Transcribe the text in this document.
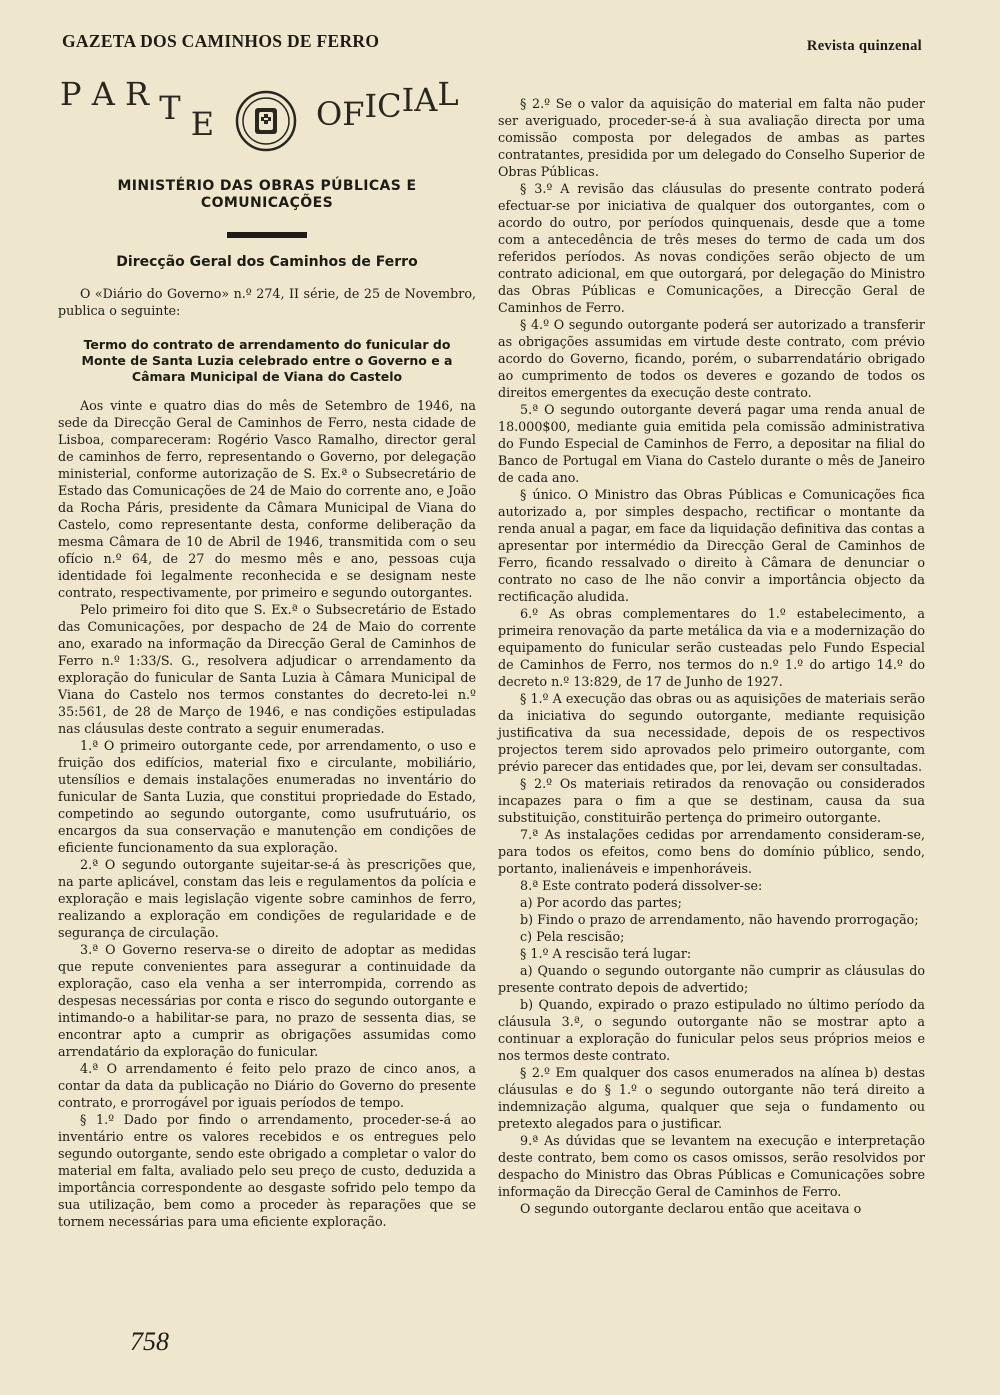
GAZETA DOS CAMINHOS DE FERRO	Revista quinzenal
P A R T E	OFICIAL
MINISTÉRIO DAS OBRAS PÚBLICAS E COMUNICAÇÕES
Direcção Geral dos Caminhos de Ferro

O «Diário do Governo» n.º 274, II série, de 25 de Novembro, publica o seguinte:

Termo do contrato de arrendamento do funicular do Monte de Santa Luzia celebrado entre o Governo e a Câmara Municipal de Viana do Castelo

Aos vinte e quatro dias do mês de Setembro de 1946, na sede da Direcção Geral de Caminhos de Ferro, nesta cidade de Lisboa, compareceram: Rogério Vasco Ramalho, director geral de caminhos de ferro, representando o Governo, por delegação ministerial, conforme autorização de S. Ex.ª o Subsecretário de Estado das Comunicações de 24 de Maio do corrente ano, e João da Rocha Páris, presidente da Câmara Municipal de Viana do Castelo, como representante desta, conforme deliberação da mesma Câmara de 10 de Abril de 1946, transmitida com o seu ofício n.º 64, de 27 do mesmo mês e ano, pessoas cuja identidade foi legalmente reconhecida e se designam neste contrato, respectivamente, por primeiro e segundo outorgantes.

Pelo primeiro foi dito que S. Ex.ª o Subsecretário de Estado das Comunicações, por despacho de 24 de Maio do corrente ano, exarado na informação da Direcção Geral de Caminhos de Ferro n.º 1:33/S. G., resolvera adjudicar o arrendamento da exploração do funicular de Santa Luzia à Câmara Municipal de Viana do Castelo nos termos constantes do decreto-lei n.º 35:561, de 28 de Março de 1946, e nas condições estipuladas nas cláusulas deste contrato a seguir enumeradas.

1.ª O primeiro outorgante cede, por arrendamento, o uso e fruição dos edifícios, material fixo e circulante, mobiliário, utensílios e demais instalações enumeradas no inventário do funicular de Santa Luzia, que constitui propriedade do Estado, competindo ao segundo outorgante, como usufrutuário, os encargos da sua conservação e manutenção em condições de eficiente funcionamento da sua exploração.

2.ª O segundo outorgante sujeitar-se-á às prescrições que, na parte aplicável, constam das leis e regulamentos da polícia e exploração e mais legislação vigente sobre caminhos de ferro, realizando a exploração em condições de regularidade e de segurança de circulação.

3.ª O Governo reserva-se o direito de adoptar as medidas que repute convenientes para assegurar a continuidade da exploração, caso ela venha a ser interrompida, correndo as despesas necessárias por conta e risco do segundo outorgante e intimando-o a habilitar-se para, no prazo de sessenta dias, se encontrar apto a cumprir as obrigações assumidas como arrendatário da exploração do funicular.

4.ª O arrendamento é feito pelo prazo de cinco anos, a contar da data da publicação no Diário do Governo do presente contrato, e prorrogável por iguais períodos de tempo.

§ 1.º Dado por findo o arrendamento, proceder-se-á ao inventário entre os valores recebidos e os entregues pelo segundo outorgante, sendo este obrigado a completar o valor do material em falta, avaliado pelo seu preço de custo, deduzida a importância correspondente ao desgaste sofrido pelo tempo da sua utilização, bem como a proceder às reparações que se tornem necessárias para uma eficiente exploração.

§ 2.º Se o valor da aquisição do material em falta não puder ser averiguado, proceder-se-á à sua avaliação directa por uma comissão composta por delegados de ambas as partes contratantes, presidida por um delegado do Conselho Superior de Obras Públicas.

§ 3.º A revisão das cláusulas do presente contrato poderá efectuar-se por iniciativa de qualquer dos outorgantes, com o acordo do outro, por períodos quinquenais, desde que a tome com a antecedência de três meses do termo de cada um dos referidos períodos. As novas condições serão objecto de um contrato adicional, em que outorgará, por delegação do Ministro das Obras Públicas e Comunicações, a Direcção Geral de Caminhos de Ferro.

§ 4.º O segundo outorgante poderá ser autorizado a transferir as obrigações assumidas em virtude deste contrato, com prévio acordo do Governo, ficando, porém, o subarrendatário obrigado ao cumprimento de todos os deveres e gozando de todos os direitos emergentes da execução deste contrato.

5.ª O segundo outorgante deverá pagar uma renda anual de 18.000$00, mediante guia emitida pela comissão administrativa do Fundo Especial de Caminhos de Ferro, a depositar na filial do Banco de Portugal em Viana do Castelo durante o mês de Janeiro de cada ano.

§ único. O Ministro das Obras Públicas e Comunicações fica autorizado a, por simples despacho, rectificar o montante da renda anual a pagar, em face da liquidação definitiva das contas a apresentar por intermédio da Direcção Geral de Caminhos de Ferro, ficando ressalvado o direito à Câmara de denunciar o contrato no caso de lhe não convir a importância objecto da rectificação aludida.

6.º As obras complementares do 1.º estabelecimento, a primeira renovação da parte metálica da via e a modernização do equipamento do funicular serão custeadas pelo Fundo Especial de Caminhos de Ferro, nos termos do n.º 1.º do artigo 14.º do decreto n.º 13:829, de 17 de Junho de 1927.

§ 1.º A execução das obras ou as aquisições de materiais serão da iniciativa do segundo outorgante, mediante requisição justificativa da sua necessidade, depois de os respectivos projectos terem sido aprovados pelo primeiro outorgante, com prévio parecer das entidades que, por lei, devam ser consultadas.

§ 2.º Os materiais retirados da renovação ou considerados incapazes para o fim a que se destinam, causa da sua substituição, constituirão pertença do primeiro outorgante.

7.ª As instalações cedidas por arrendamento consideram-se, para todos os efeitos, como bens do domínio público, sendo, portanto, inalienáveis e impenhoráveis.

8.ª Este contrato poderá dissolver-se:

a) Por acordo das partes;

b) Findo o prazo de arrendamento, não havendo prorrogação;

c) Pela rescisão;

§ 1.º A rescisão terá lugar:

a) Quando o segundo outorgante não cumprir as cláusulas do presente contrato depois de advertido;

b) Quando, expirado o prazo estipulado no último período da cláusula 3.ª, o segundo outorgante não se mostrar apto a continuar a exploração do funicular pelos seus próprios meios e nos termos deste contrato.

§ 2.º Em qualquer dos casos enumerados na alínea b) destas cláusulas e do § 1.º o segundo outorgante não terá direito a indemnização alguma, qualquer que seja o fundamento ou pretexto alegados para o justificar.

9.ª As dúvidas que se levantem na execução e interpretação deste contrato, bem como os casos omissos, serão resolvidos por despacho do Ministro das Obras Públicas e Comunicações sobre informação da Direcção Geral de Caminhos de Ferro.

O segundo outorgante declarou então que aceitava o

758
